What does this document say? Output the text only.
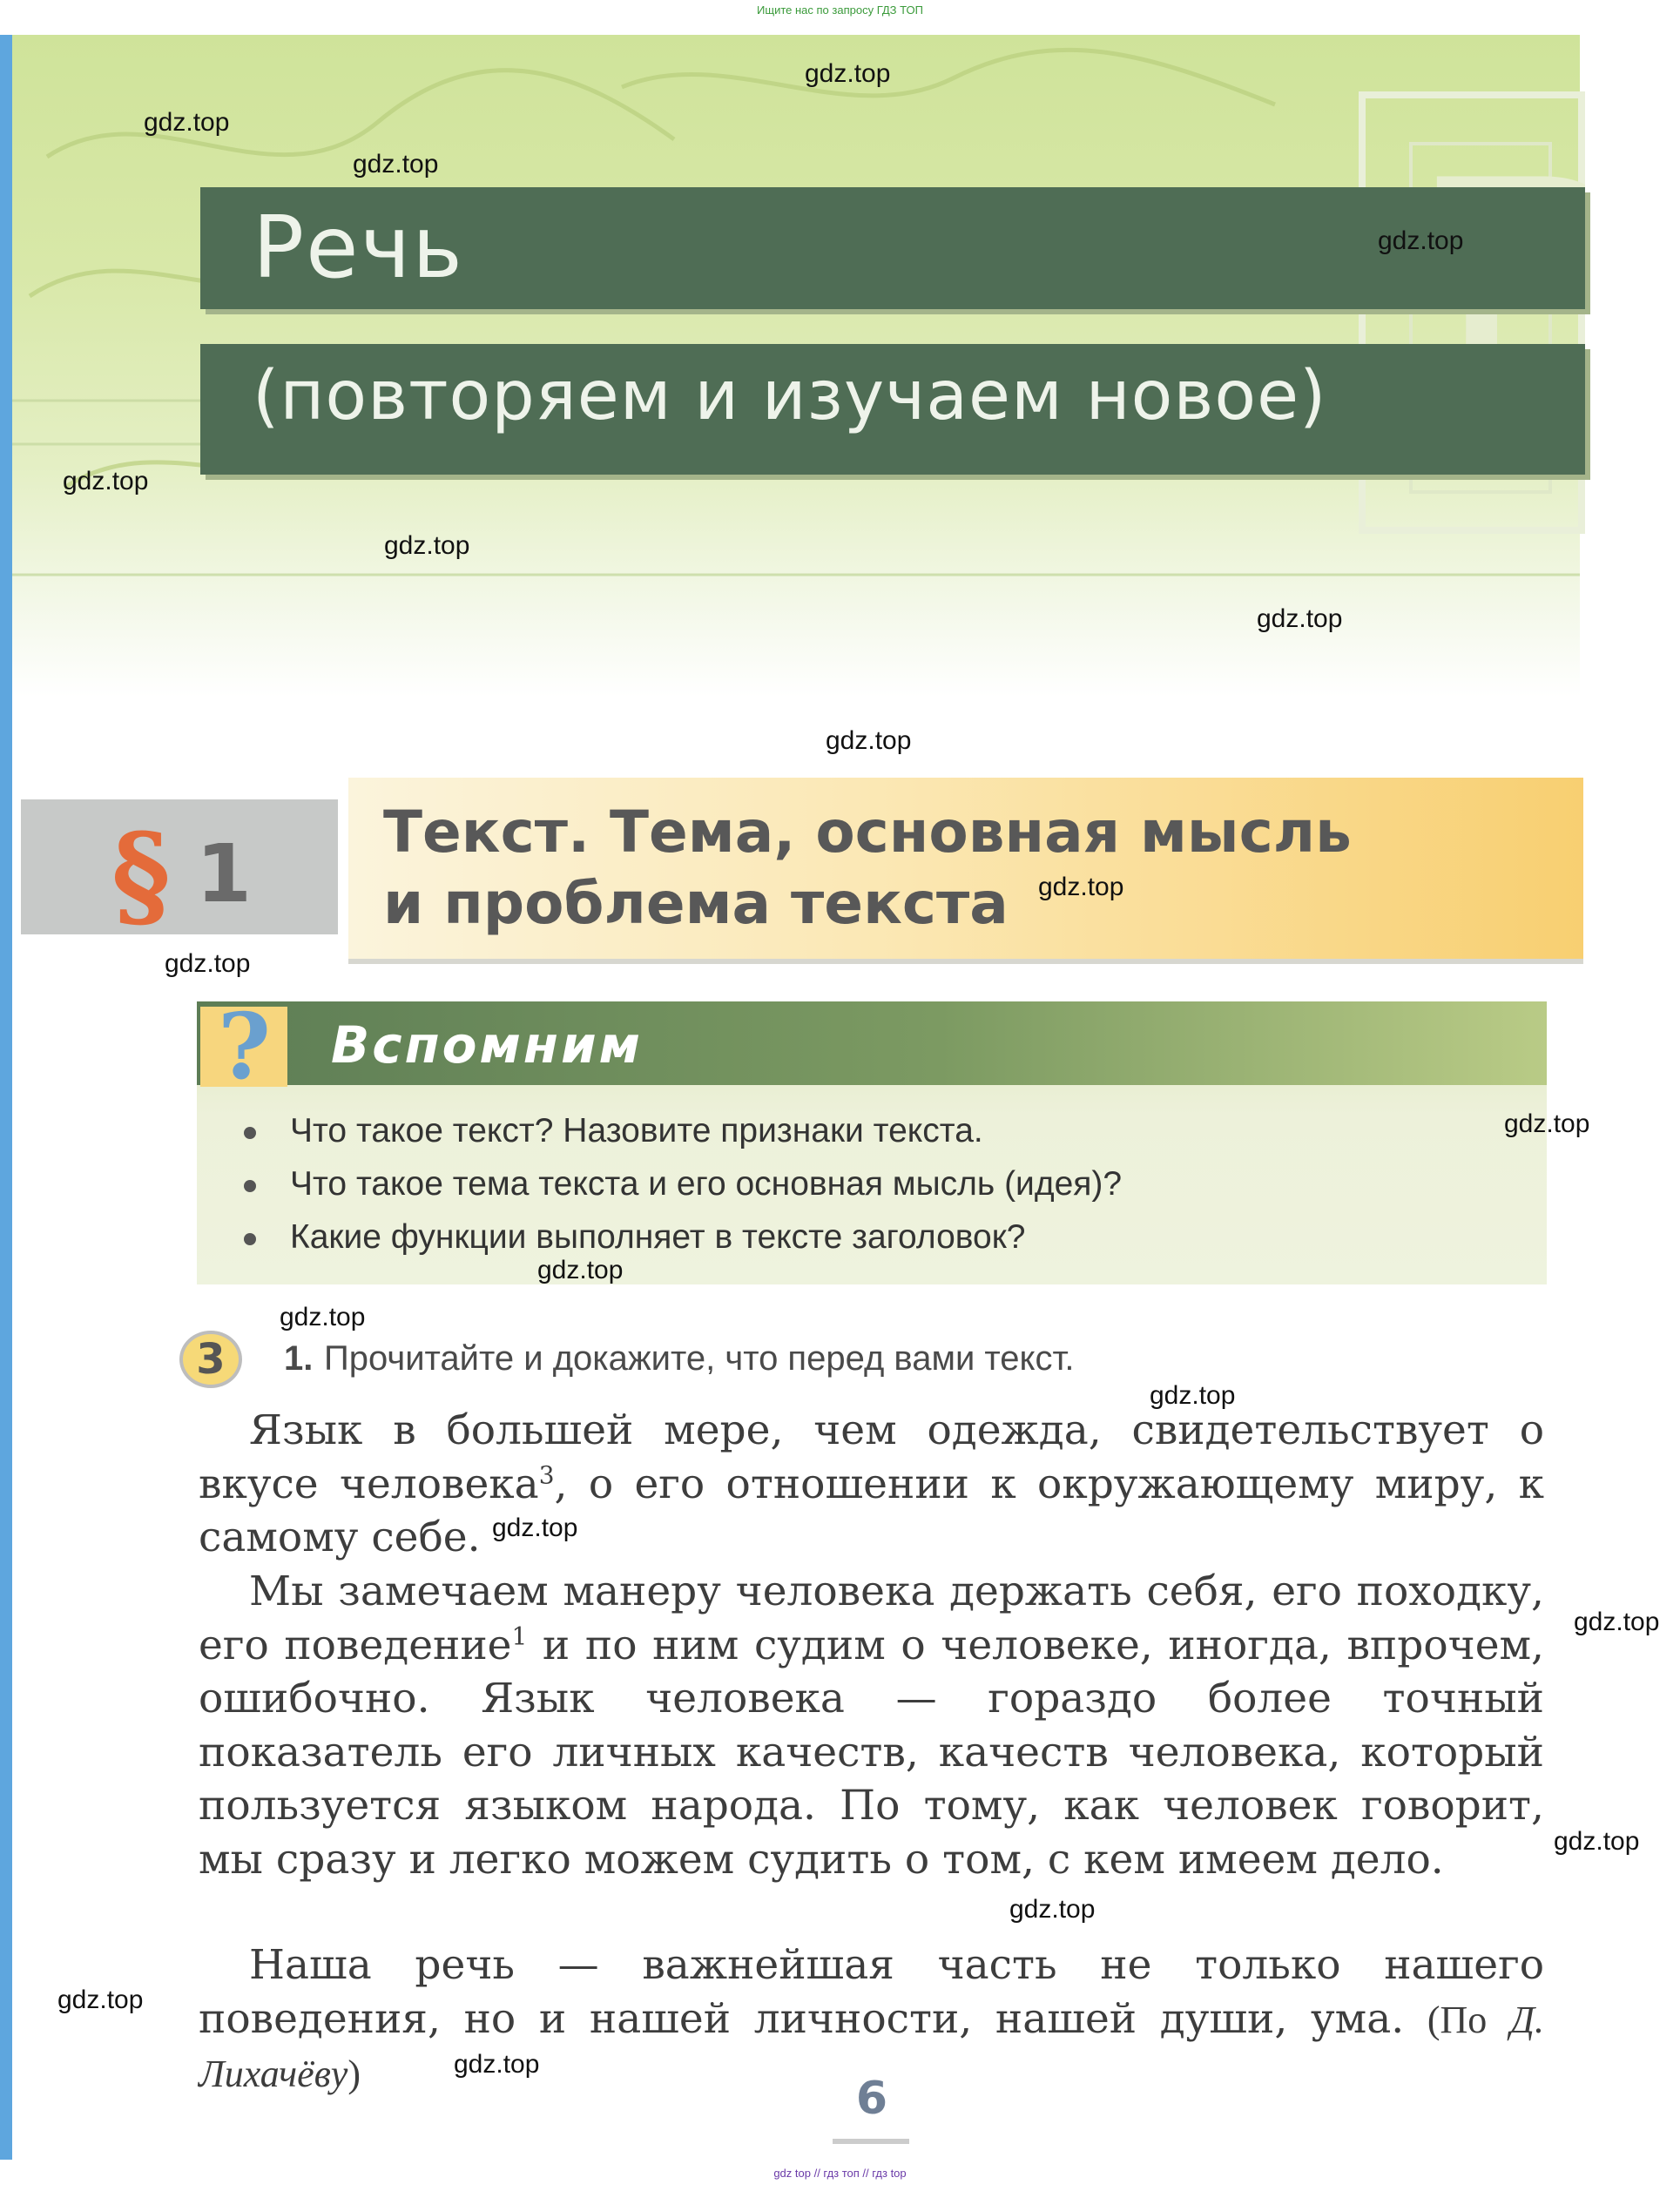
Ищите нас по запросу ГДЗ ТОП
Речь
(повторяем и изучаем новое)
§ 1 Текст. Тема, основная мысль
и проблема текста
? Вспомним
Что такое текст? Назовите признаки текста.
Что такое тема текста и его основная мысль (идея)?
Какие функции выполняет в тексте заголовок?
3	1. Прочитайте и докажите, что перед вами текст.
Язык в большей мере, чем одежда, свидетельствует о вкусе человека$^3$, о его отношении к окружающему миру, к самому себе.
Мы замечаем манеру человека держать себя, его походку, его поведение$^1$ и по ним судим о человеке, иногда, впрочем, ошибочно. Язык человека — гораздо более точный показатель его личных качеств, качеств человека, который пользуется языком народа. По тому, как человек говорит, мы сразу и легко можем судить о том, с кем имеем дело.
Наша речь — важнейшая часть не только нашего поведения, но и нашей личности, нашей души, ума. (По Д. Лихачёву)	6
gdz top // гдз топ // гдз top
gdz.top
gdz.top
gdz.top
gdz.top
gdz.top
gdz.top
gdz.top
gdz.top
gdz.top
gdz.top
gdz.top
gdz.top
gdz.top
gdz.top
gdz.top
gdz.top
gdz.top
gdz.top
gdz.top
gdz.top
